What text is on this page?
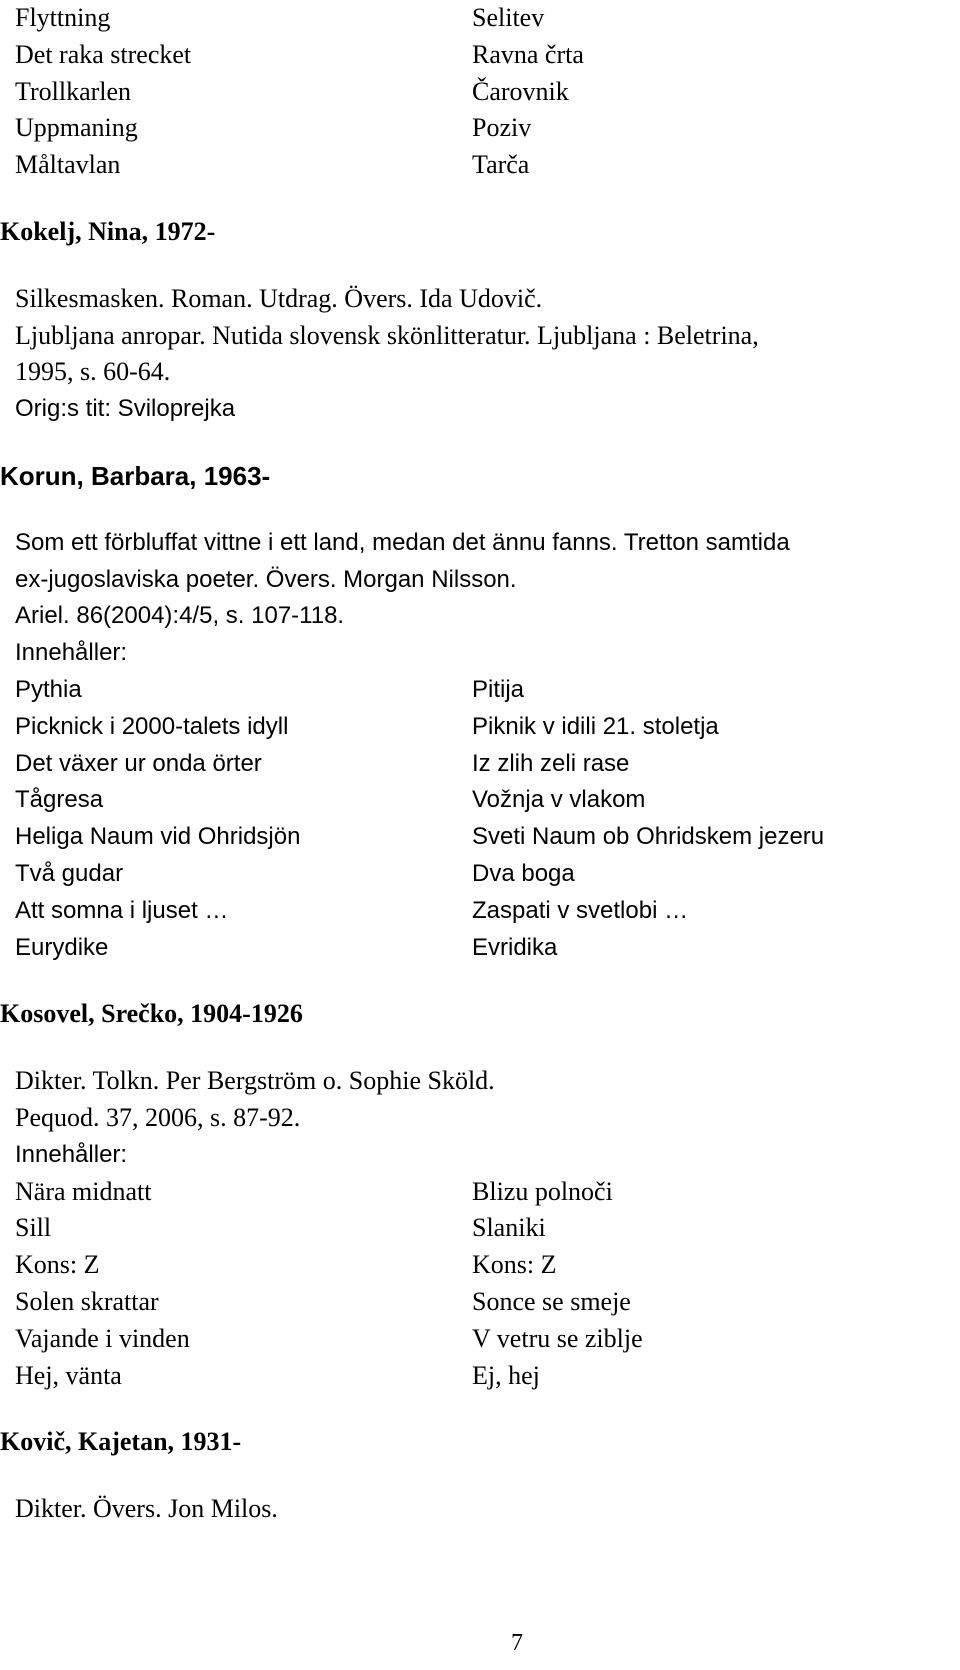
Flyttning	Selitev
Det raka strecket	Ravna črta
Trollkarlen	Čarovnik
Uppmaning	Poziv
Måltavlan	Tarča

Kokelj, Nina, 1972-

Silkesmasken. Roman. Utdrag. Övers. Ida Udovič.

Ljubljana anropar. Nutida slovensk skönlitteratur. Ljubljana : Beletrina,

1995, s. 60-64.

Orig:s tit: Sviloprejka

Korun, Barbara, 1963-

Som ett förbluffat vittne i ett land, medan det ännu fanns. Tretton samtida

ex-jugoslaviska poeter. Övers. Morgan Nilsson.

Ariel. 86(2004):4/5, s. 107-118.

Innehåller:

Pythia	Pitija
Picknick i 2000-talets idyll	Piknik v idili 21. stoletja
Det växer ur onda örter	Iz zlih zeli rase
Tågresa	Vožnja v vlakom
Heliga Naum vid Ohridsjön	Sveti Naum ob Ohridskem jezeru
Två gudar	Dva boga
Att somna i ljuset …	Zaspati v svetlobi …
Eurydike	Evridika

Kosovel, Srečko, 1904-1926

Dikter. Tolkn. Per Bergström o. Sophie Sköld.

Pequod. 37, 2006, s. 87-92.

Innehåller:

Nära midnatt	Blizu polnoči
Sill	Slaniki
Kons: Z	Kons: Z
Solen skrattar	Sonce se smeje
Vajande i vinden	V vetru se ziblje
Hej, vänta	Ej, hej

Kovič, Kajetan, 1931-

Dikter. Övers. Jon Milos.

7
